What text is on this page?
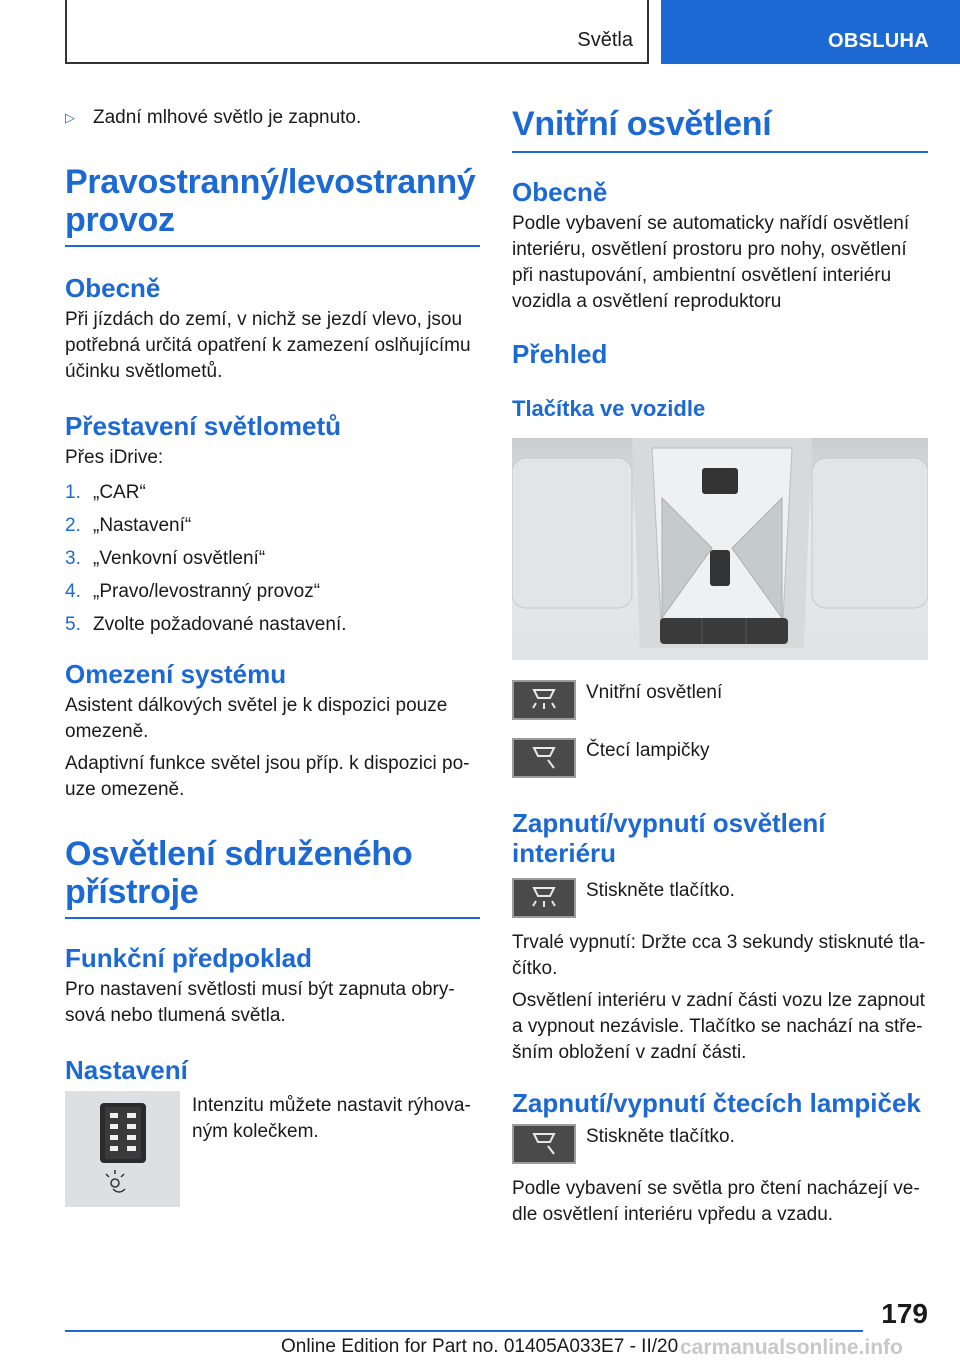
Světla	OBSLUHA
▷ Zadní mlhové světlo je zapnuto.

Pravostranný/levostranný provoz
Obecně

Při jízdách do zemí, v nichž se jezdí vlevo, jsou potřebná určitá opatření k zamezení oslňujícímu účinku světlometů.

Přestavení světlometů

Přes iDrive:

1. „CAR“
2. „Nastavení“
3. „Venkovní osvětlení“
4. „Pravo/levostranný provoz“
5. Zvolte požadované nastavení.
Omezení systému

Asistent dálkových světel je k dispozici pouze omezeně.

Adaptivní funkce světel jsou příp. k dispozici pouze omezeně.

Osvětlení sdruženého přístroje
Funkční předpoklad

Pro nastavení světlosti musí být zapnuta obrysová nebo tlumená světla.

Nastavení

Intenzitu můžete nastavit rýhovaným kolečkem.

Vnitřní osvětlení
Obecně

Podle vybavení se automaticky nařídí osvětlení interiéru, osvětlení prostoru pro nohy, osvětlení při nastupování, ambientní osvětlení interiéru vozidla a osvětlení reproduktoru

Přehled
Tlačítka ve vozidle

Vnitřní osvětlení

Čtecí lampičky

Zapnutí/vypnutí osvětlení interiéru

Stiskněte tlačítko.

Trvalé vypnutí: Držte cca 3 sekundy stisknuté tlačítko.

Osvětlení interiéru v zadní části vozu lze zapnout a vypnout nezávisle. Tlačítko se nachází na střešním obložení v zadní části.

Zapnutí/vypnutí čtecích lampiček

Stiskněte tlačítko.

Podle vybavení se světla pro čtení nacházejí vedle osvětlení interiéru vpředu a vzadu.

179
Online Edition for Part no. 01405A033E7 - II/20 carmanualsonline.info
